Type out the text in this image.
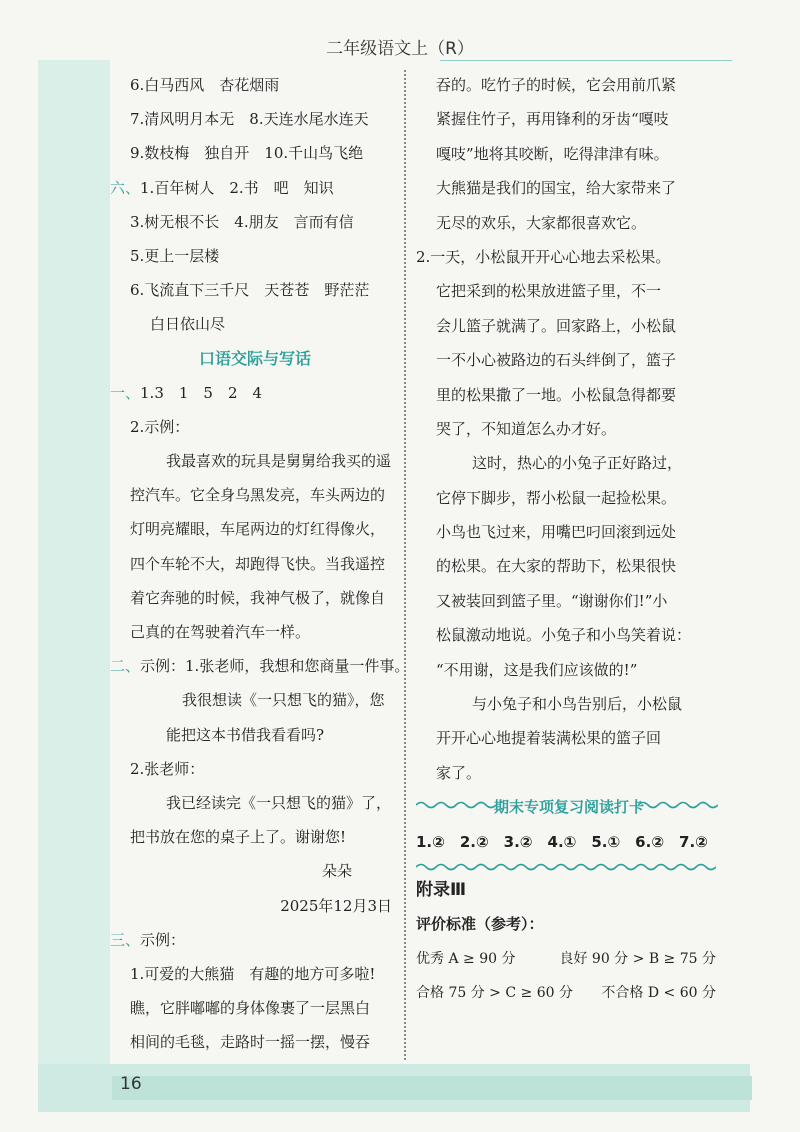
二年级语文上（R）
6.白马西风　杏花烟雨
7.清风明月本无　8.天连水尾水连天
9.数枝梅　独自开　10.千山鸟飞绝
六、1.百年树人　2.书　吧　知识
3.树无根不长　4.朋友　言而有信
5.更上一层楼
6.飞流直下三千尺　天苍苍　野茫茫
白日依山尽
口语交际与写话
一、1.3　1　5　2　4
2.示例：
我最喜欢的玩具是舅舅给我买的遥
控汽车。它全身乌黑发亮，车头两边的
灯明亮耀眼，车尾两边的灯红得像火，
四个车轮不大，却跑得飞快。当我遥控
着它奔驰的时候，我神气极了，就像自
己真的在驾驶着汽车一样。
二、示例：1.张老师，我想和您商量一件事。
我很想读《一只想飞的猫》，您
能把这本书借我看看吗?
2.张老师：
我已经读完《一只想飞的猫》了，
把书放在您的桌子上了。谢谢您!
朵朵
2025年12月3日
三、示例：
1.可爱的大熊猫　有趣的地方可多啦!
瞧，它胖嘟嘟的身体像裹了一层黑白
相间的毛毯，走路时一摇一摆，慢吞
吞的。吃竹子的时候，它会用前爪紧
紧握住竹子，再用锋利的牙齿“嘎吱
嘎吱”地将其咬断，吃得津津有味。
大熊猫是我们的国宝，给大家带来了
无尽的欢乐，大家都很喜欢它。
2.一天，小松鼠开开心心地去采松果。
它把采到的松果放进篮子里，不一
会儿篮子就满了。回家路上，小松鼠
一不小心被路边的石头绊倒了，篮子
里的松果撒了一地。小松鼠急得都要
哭了，不知道怎么办才好。
这时，热心的小兔子正好路过，
它停下脚步，帮小松鼠一起捡松果。
小鸟也飞过来，用嘴巴叼回滚到远处
的松果。在大家的帮助下，松果很快
又被装回到篮子里。“谢谢你们!”小
松鼠激动地说。小兔子和小鸟笑着说：
“不用谢，这是我们应该做的!”
与小兔子和小鸟告别后，小松鼠
开开心心地提着装满松果的篮子回
家了。
期末专项复习阅读打卡
1.②　2.②　3.②　4.①　5.①　6.②　7.②
附录Ⅲ
评价标准（参考）：
优秀 A ≥ 90 分	良好 90 分 > B ≥ 75 分
合格 75 分 > C ≥ 60 分 不合格 D < 60 分
16
